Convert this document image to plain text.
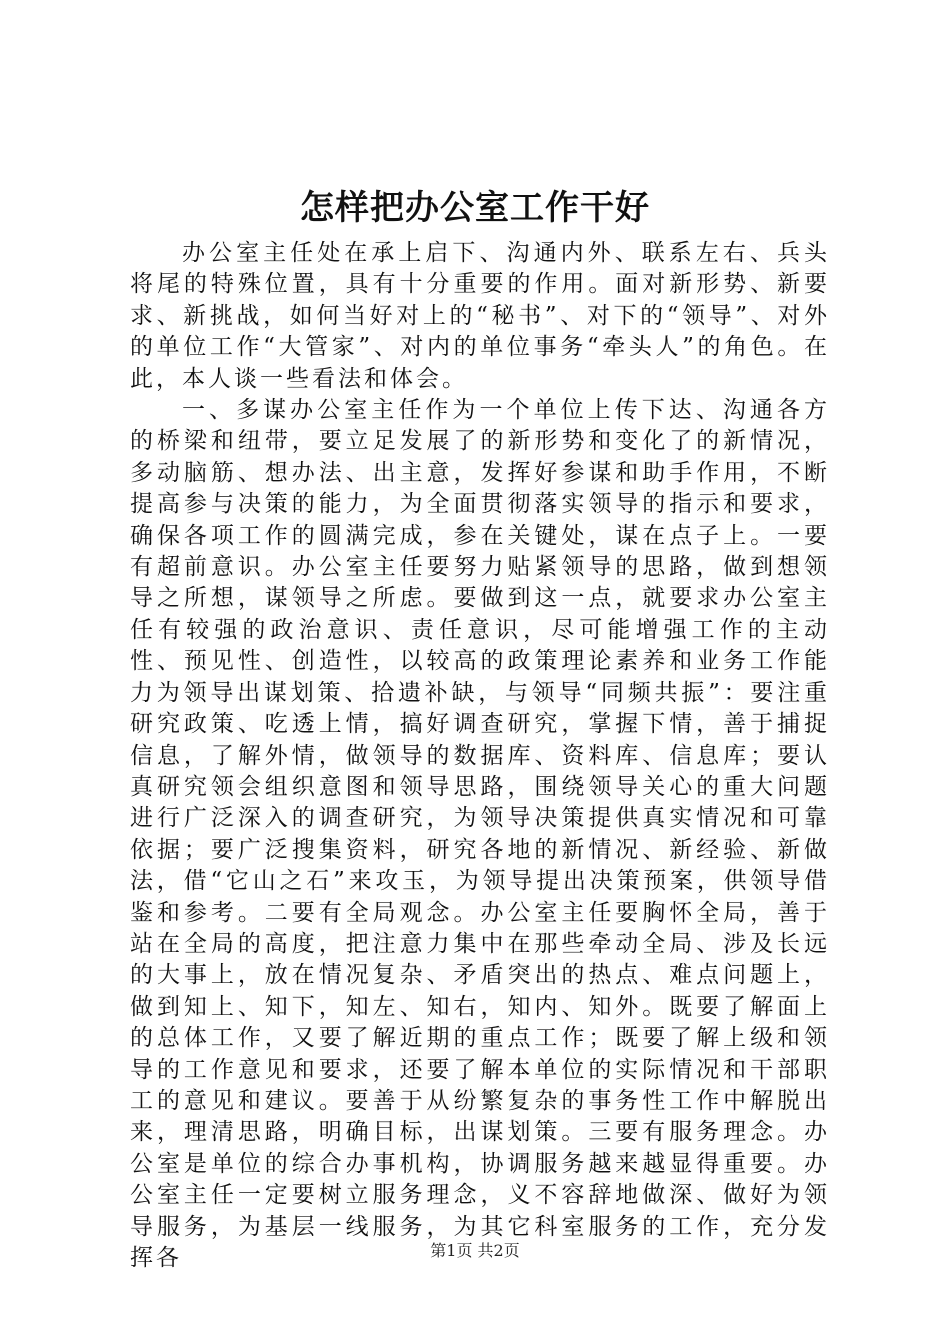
怎样把办公室工作干好

办公室主任处在承上启下、沟通内外、联系左右、兵头将尾的特殊位置，具有十分重要的作用。面对新形势、新要求、新挑战，如何当好对上的“秘书”、对下的“领导”、对外的单位工作“大管家”、对内的单位事务“牵头人”的角色。在此，本人谈一些看法和体会。

一、多谋办公室主任作为一个单位上传下达、沟通各方的桥梁和纽带，要立足发展了的新形势和变化了的新情况，多动脑筋、想办法、出主意，发挥好参谋和助手作用，不断提高参与决策的能力，为全面贯彻落实领导的指示和要求，确保各项工作的圆满完成，参在关键处，谋在点子上。一要有超前意识。办公室主任要努力贴紧领导的思路，做到想领导之所想，谋领导之所虑。要做到这一点，就要求办公室主任有较强的政治意识、责任意识，尽可能增强工作的主动性、预见性、创造性，以较高的政策理论素养和业务工作能力为领导出谋划策、拾遗补缺，与领导“同频共振”：要注重研究政策、吃透上情，搞好调查研究，掌握下情，善于捕捉信息，了解外情，做领导的数据库、资料库、信息库；要认真研究领会组织意图和领导思路，围绕领导关心的重大问题进行广泛深入的调查研究，为领导决策提供真实情况和可靠依据；要广泛搜集资料，研究各地的新情况、新经验、新做法，借“它山之石”来攻玉，为领导提出决策预案，供领导借鉴和参考。二要有全局观念。办公室主任要胸怀全局，善于站在全局的高度，把注意力集中在那些牵动全局、涉及长远的大事上，放在情况复杂、矛盾突出的热点、难点问题上，做到知上、知下，知左、知右，知内、知外。既要了解面上的总体工作，又要了解近期的重点工作；既要了解上级和领导的工作意见和要求，还要了解本单位的实际情况和干部职工的意见和建议。要善于从纷繁复杂的事务性工作中解脱出来，理清思路，明确目标，出谋划策。三要有服务理念。办公室是单位的综合办事机构，协调服务越来越显得重要。办公室主任一定要树立服务理念，义不容辞地做深、做好为领导服务，为基层一线服务，为其它科室服务的工作，充分发挥各	第1页 共2页
